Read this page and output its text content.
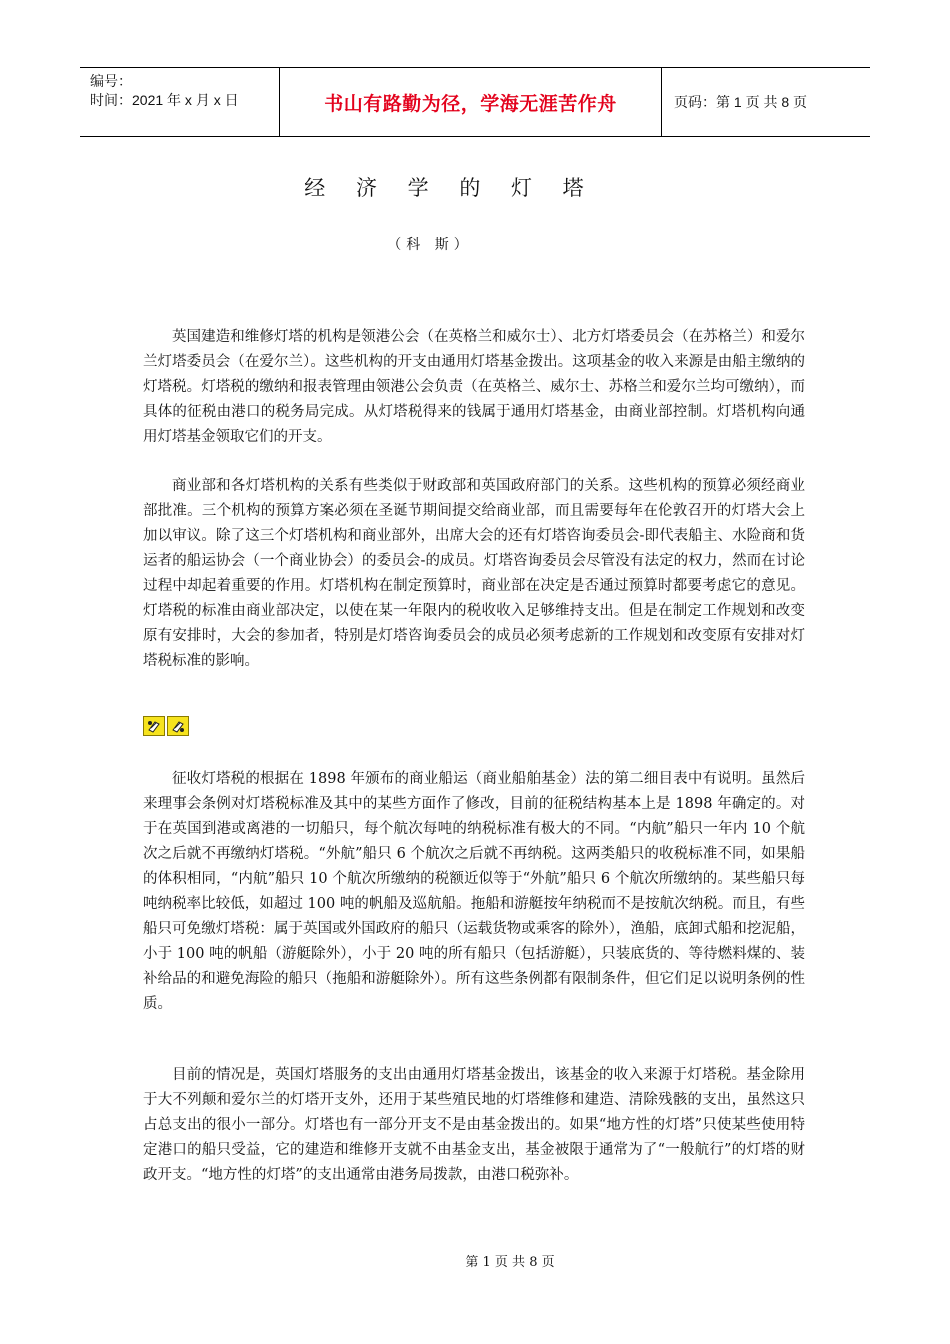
编号：
时间：2021 年 x 月 x 日	书山有路勤为径，学海无涯苦作舟	页码：第 1 页 共 8 页
经 济 学 的 灯 塔
（科 斯）

英国建造和维修灯塔的机构是领港公会（在英格兰和威尔士）、北方灯塔委员会（在苏格兰）和爱尔兰灯塔委员会（在爱尔兰）。这些机构的开支由通用灯塔基金拨出。这项基金的收入来源是由船主缴纳的灯塔税。灯塔税的缴纳和报表管理由领港公会负责（在英格兰、威尔士、苏格兰和爱尔兰均可缴纳），而具体的征税由港口的税务局完成。从灯塔税得来的钱属于通用灯塔基金，由商业部控制。灯塔机构向通用灯塔基金领取它们的开支。

商业部和各灯塔机构的关系有些类似于财政部和英国政府部门的关系。这些机构的预算必须经商业部批准。三个机构的预算方案必须在圣诞节期间提交给商业部，而且需要每年在伦敦召开的灯塔大会上加以审议。除了这三个灯塔机构和商业部外，出席大会的还有灯塔咨询委员会-即代表船主、水险商和货运者的船运协会（一个商业协会）的委员会-的成员。灯塔咨询委员会尽管没有法定的权力，然而在讨论过程中却起着重要的作用。灯塔机构在制定预算时，商业部在决定是否通过预算时都要考虑它的意见。灯塔税的标准由商业部决定，以使在某一年限内的税收收入足够维持支出。但是在制定工作规划和改变原有安排时，大会的参加者，特别是灯塔咨询委员会的成员必须考虑新的工作规划和改变原有安排对灯塔税标准的影响。

征收灯塔税的根据在 1898 年颁布的商业船运（商业船舶基金）法的第二细目表中有说明。虽然后来理事会条例对灯塔税标准及其中的某些方面作了修改，目前的征税结构基本上是 1898 年确定的。对于在英国到港或离港的一切船只，每个航次每吨的纳税标准有极大的不同。“内航”船只一年内 10 个航次之后就不再缴纳灯塔税。“外航”船只 6 个航次之后就不再纳税。这两类船只的收税标准不同，如果船的体积相同，“内航”船只 10 个航次所缴纳的税额近似等于“外航”船只 6 个航次所缴纳的。某些船只每吨纳税率比较低，如超过 100 吨的帆船及巡航船。拖船和游艇按年纳税而不是按航次纳税。而且，有些船只可免缴灯塔税：属于英国或外国政府的船只（运载货物或乘客的除外），渔船，底卸式船和挖泥船，小于 100 吨的帆船（游艇除外），小于 20 吨的所有船只（包括游艇），只装底货的、等待燃料煤的、装补给品的和避免海险的船只（拖船和游艇除外）。所有这些条例都有限制条件，但它们足以说明条例的性质。

目前的情况是，英国灯塔服务的支出由通用灯塔基金拨出，该基金的收入来源于灯塔税。基金除用于大不列颠和爱尔兰的灯塔开支外，还用于某些殖民地的灯塔维修和建造、清除残骸的支出，虽然这只占总支出的很小一部分。灯塔也有一部分开支不是由基金拨出的。如果“地方性的灯塔”只使某些使用特定港口的船只受益，它的建造和维修开支就不由基金支出，基金被限于通常为了“一般航行”的灯塔的财政开支。“地方性的灯塔”的支出通常由港务局拨款，由港口税弥补。

第 1 页 共 8 页
